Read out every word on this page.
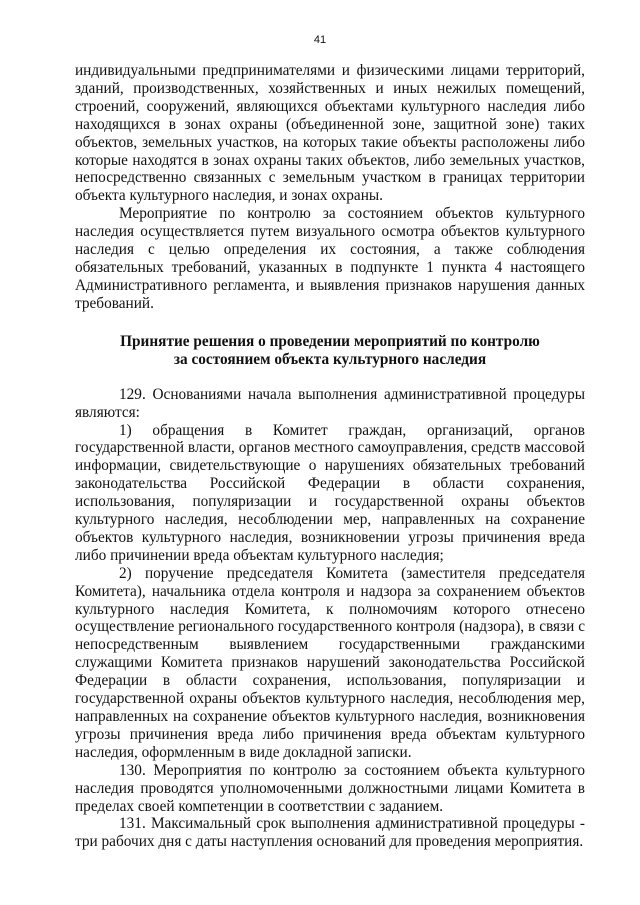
41

индивидуальными предпринимателями и физическими лицами территорий, зданий, производственных, хозяйственных и иных нежилых помещений, строений, сооружений, являющихся объектами культурного наследия либо находящихся в зонах охраны (объединенной зоне, защитной зоне) таких объектов, земельных участков, на которых такие объекты расположены либо которые находятся в зонах охраны таких объектов, либо земельных участков, непосредственно связанных с земельным участком в границах территории объекта культурного наследия, и зонах охраны.

Мероприятие по контролю за состоянием объектов культурного наследия осуществляется путем визуального осмотра объектов культурного наследия с целью определения их состояния, а также соблюдения обязательных требований, указанных в подпункте 1 пункта 4 настоящего Административного регламента, и выявления признаков нарушения данных требований.

Принятие решения о проведении мероприятий по контролю
за состоянием объекта культурного наследия

129. Основаниями начала выполнения административной процедуры являются:

1) обращения в Комитет граждан, организаций, органов государственной власти, органов местного самоуправления, средств массовой информации, свидетельствующие о нарушениях обязательных требований законодательства Российской Федерации в области сохранения, использования, популяризации и государственной охраны объектов культурного наследия, несоблюдении мер, направленных на сохранение объектов культурного наследия, возникновении угрозы причинения вреда либо причинении вреда объектам культурного наследия;

2) поручение председателя Комитета (заместителя председателя Комитета), начальника отдела контроля и надзора за сохранением объектов культурного наследия Комитета, к полномочиям которого отнесено осуществление регионального государственного контроля (надзора), в связи с непосредственным выявлением государственными гражданскими служащими Комитета признаков нарушений законодательства Российской Федерации в области сохранения, использования, популяризации и государственной охраны объектов культурного наследия, несоблюдения мер, направленных на сохранение объектов культурного наследия, возникновения угрозы причинения вреда либо причинения вреда объектам культурного наследия, оформленным в виде докладной записки.

130. Мероприятия по контролю за состоянием объекта культурного наследия проводятся уполномоченными должностными лицами Комитета в пределах своей компетенции в соответствии с заданием.

131. Максимальный срок выполнения административной процедуры - три рабочих дня с даты наступления оснований для проведения мероприятия.
